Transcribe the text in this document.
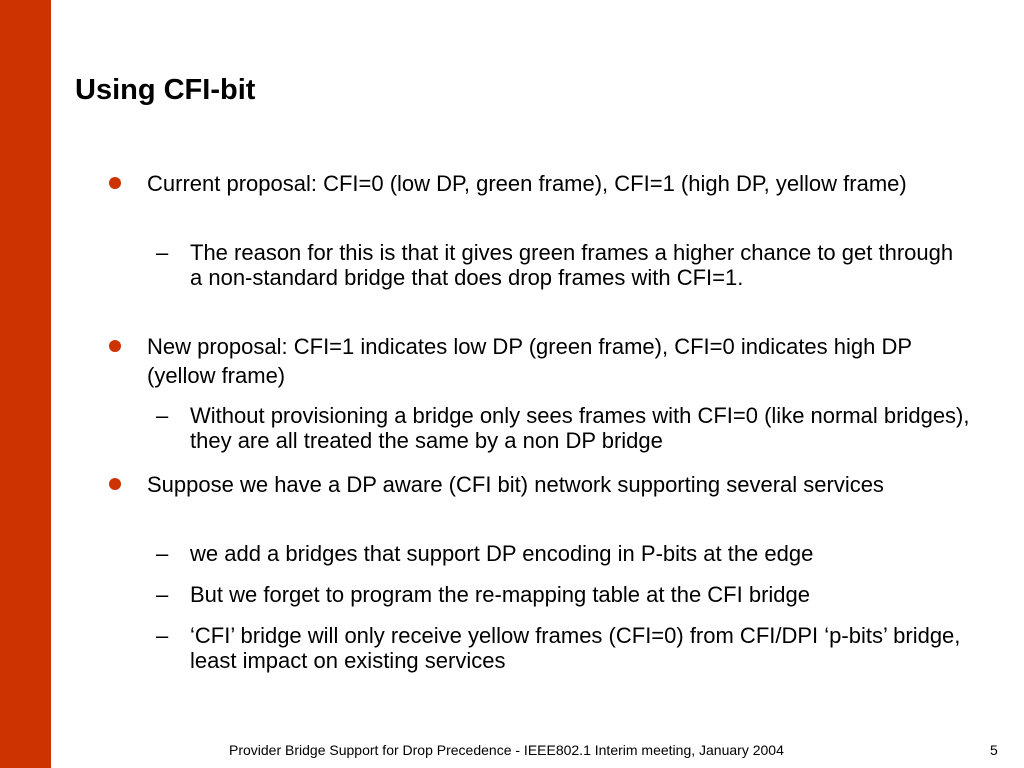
Using CFI-bit
Current proposal: CFI=0 (low DP, green frame), CFI=1 (high DP, yellow frame)
– The reason for this is that it gives green frames a higher chance to get through a non-standard bridge that does drop frames with CFI=1.
New proposal: CFI=1 indicates low DP (green frame), CFI=0 indicates high DP (yellow frame)
– Without provisioning a bridge only sees frames with CFI=0 (like normal bridges), they are all treated the same by a non DP bridge
Suppose we have a DP aware (CFI bit) network supporting several services
– we add a bridges that support DP encoding in P-bits at the edge
– But we forget to program the re-mapping table at the CFI bridge
– ‘CFI’ bridge will only receive yellow frames (CFI=0) from CFI/DPI ‘p-bits’ bridge, least impact on existing services
Provider Bridge Support for Drop Precedence - IEEE802.1 Interim meeting, January 2004	5
